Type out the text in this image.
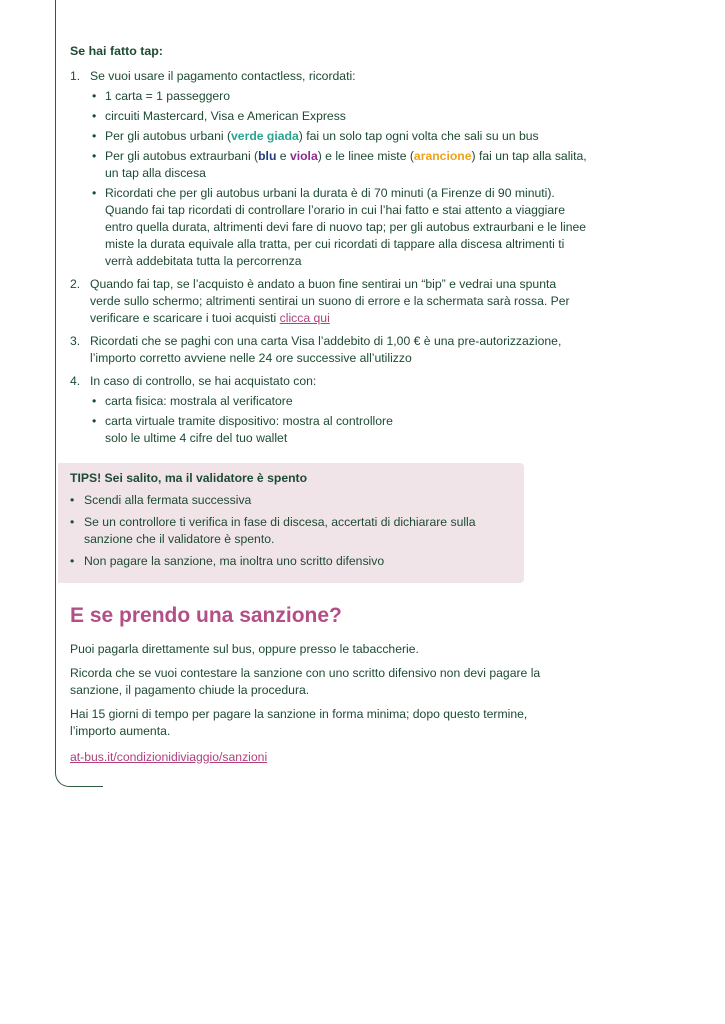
Se hai fatto tap:
1. Se vuoi usare il pagamento contactless, ricordati:
• 1 carta = 1 passeggero
• circuiti Mastercard, Visa e American Express
• Per gli autobus urbani (verde giada) fai un solo tap ogni volta che sali su un bus
• Per gli autobus extraurbani (blu e viola) e le linee miste (arancione) fai un tap alla salita, un tap alla discesa
• Ricordati che per gli autobus urbani la durata è di 70 minuti (a Firenze di 90 minuti). Quando fai tap ricordati di controllare l’orario in cui l’hai fatto e stai attento a viaggiare entro quella durata, altrimenti devi fare di nuovo tap; per gli autobus extraurbani e le linee miste la durata equivale alla tratta, per cui ricordati di tappare alla discesa altrimenti ti verrà addebitata tutta la percorrenza
2. Quando fai tap, se l’acquisto è andato a buon fine sentirai un “bip” e vedrai una spunta verde sullo schermo; altrimenti sentirai un suono di errore e la schermata sarà rossa. Per verificare e scaricare i tuoi acquisti clicca qui
3. Ricordati che se paghi con una carta Visa l’addebito di 1,00 € è una pre-autorizzazione, l’importo corretto avviene nelle 24 ore successive all’utilizzo
4. In caso di controllo, se hai acquistato con:
• carta fisica: mostrala al verificatore
• carta virtuale tramite dispositivo: mostra al controllore
solo le ultime 4 cifre del tuo wallet
TIPS! Sei salito, ma il validatore è spento
• Scendi alla fermata successiva
• Se un controllore ti verifica in fase di discesa, accertati di dichiarare sulla sanzione che il validatore è spento.
• Non pagare la sanzione, ma inoltra uno scritto difensivo
E se prendo una sanzione?

Puoi pagarla direttamente sul bus, oppure presso le tabaccherie.

Ricorda che se vuoi contestare la sanzione con uno scritto difensivo non devi pagare la sanzione, il pagamento chiude la procedura.

Hai 15 giorni di tempo per pagare la sanzione in forma minima; dopo questo termine, l’importo aumenta.

at-bus.it/condizionidiviaggio/sanzioni
